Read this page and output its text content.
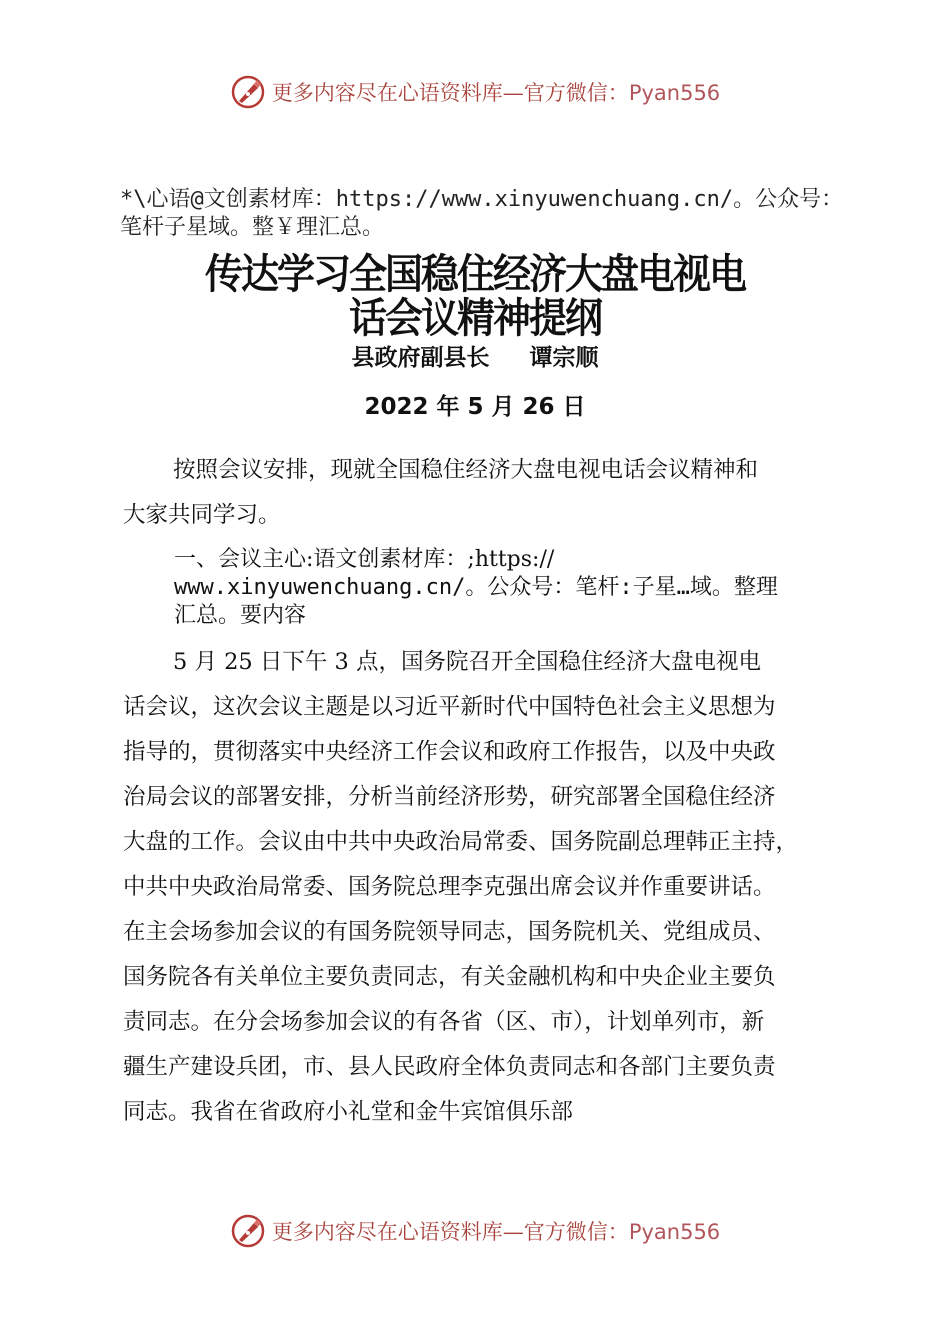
更多内容尽在心语资料库—官方微信：Pyan556
*\心语@文创素材库：https://www.xinyuwenchuang.cn/。公众号：
笔杆子星域。整￥理汇总。
传达学习全国稳住经济大盘电视电
话会议精神提纲
县政府副县长 谭宗顺
2022 年 5 月 26 日
按照会议安排，现就全国稳住经济大盘电视电话会议精神和
大家共同学习。
一、会议主心:语文创素材库：;https://
www.xinyuwenchuang.cn/。公众号：笔杆:子星…域。整理
汇总。要内容
5 月 25 日下午 3 点，国务院召开全国稳住经济大盘电视电
话会议，这次会议主题是以习近平新时代中国特色社会主义思想为
指导的，贯彻落实中央经济工作会议和政府工作报告，以及中央政
治局会议的部署安排，分析当前经济形势，研究部署全国稳住经济
大盘的工作。会议由中共中央政治局常委、国务院副总理韩正主持，
中共中央政治局常委、国务院总理李克强出席会议并作重要讲话。
在主会场参加会议的有国务院领导同志，国务院机关、党组成员、
国务院各有关单位主要负责同志，有关金融机构和中央企业主要负
责同志。在分会场参加会议的有各省（区、市），计划单列市，新
疆生产建设兵团，市、县人民政府全体负责同志和各部门主要负责
同志。我省在省政府小礼堂和金牛宾馆俱乐部
更多内容尽在心语资料库—官方微信：Pyan556
